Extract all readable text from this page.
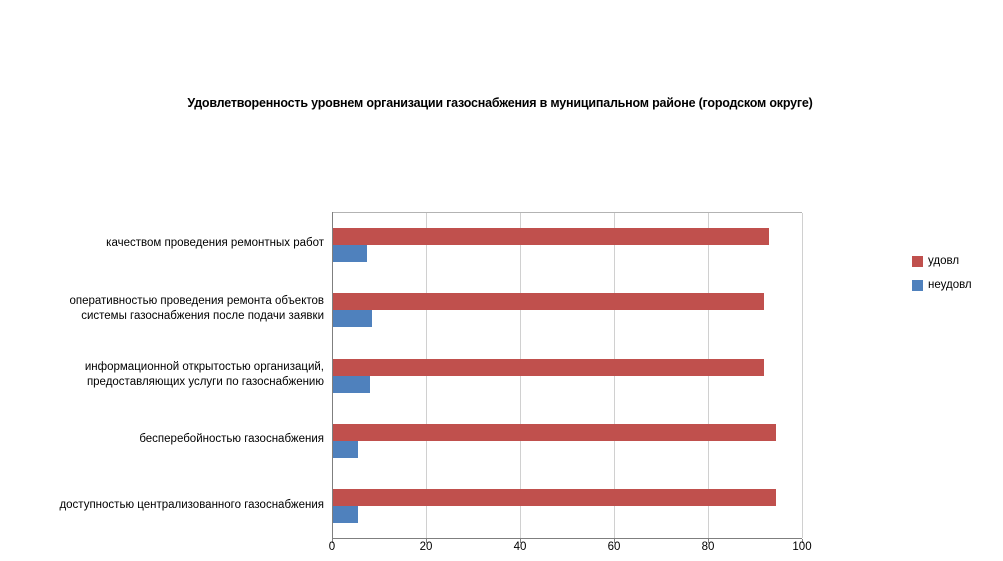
Удовлетворенность уровнем организации газоснабжения в муниципальном районе (городском округе)
удовл
неудовл
0	20	40	60	80	100
доступностью централизованного газоснабжения
бесперебойностью газоснабжения
информационной открытостью организаций,
предоставляющих услуги по газоснабжению
оперативностью проведения ремонта объектов
системы газоснабжения после подачи заявки
качеством проведения ремонтных работ
